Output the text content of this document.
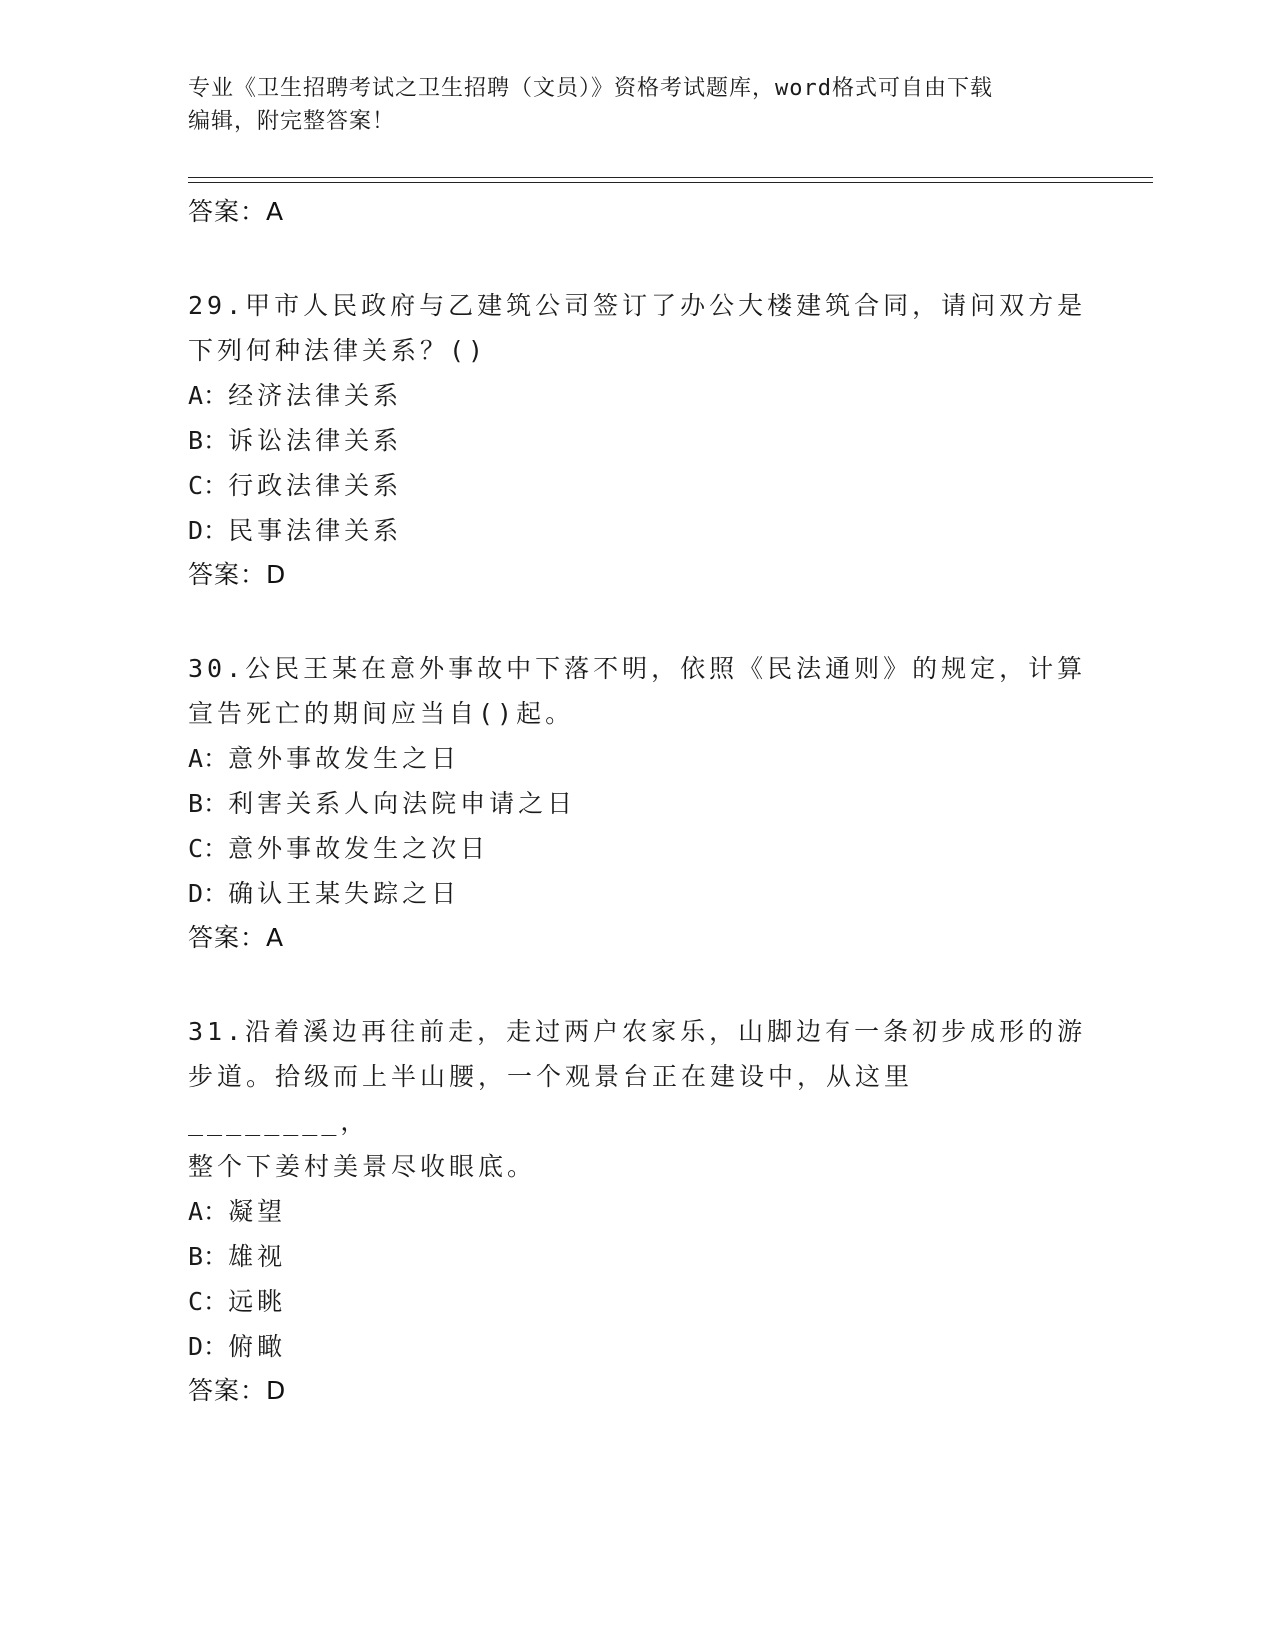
专业《卫生招聘考试之卫生招聘（文员）》资格考试题库，word格式可自由下载
编辑，附完整答案！
答案：A
29.甲市人民政府与乙建筑公司签订了办公大楼建筑合同，请问双方是
下列何种法律关系？()
A：经济法律关系
B：诉讼法律关系
C：行政法律关系
D：民事法律关系
答案：D
30.公民王某在意外事故中下落不明，依照《民法通则》的规定，计算
宣告死亡的期间应当自()起。
A：意外事故发生之日
B：利害关系人向法院申请之日
C：意外事故发生之次日
D：确认王某失踪之日
答案：A
31.沿着溪边再往前走，走过两户农家乐，山脚边有一条初步成形的游
步道。拾级而上半山腰，一个观景台正在建设中，从这里________，
整个下姜村美景尽收眼底。
A：凝望
B：雄视
C：远眺
D：俯瞰
答案：D
